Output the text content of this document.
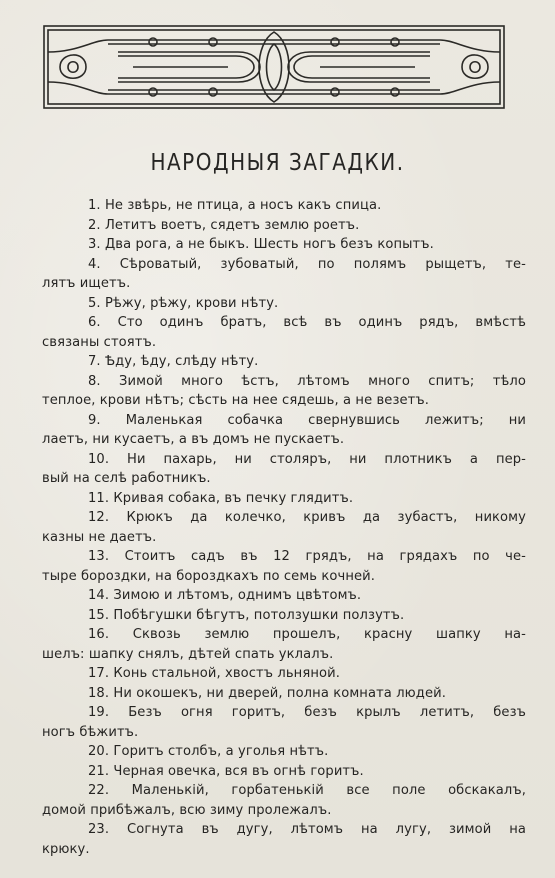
НАРОДНЫЯ ЗАГАДКИ.
1. Не звѣрь, не птица, а носъ какъ спица.
2. Летитъ воетъ, сядетъ землю роетъ.
3. Два рога, а не быкъ. Шесть ногъ безъ копытъ.
4. Сѣроватый, зубоватый, по полямъ рыщетъ, те-
лятъ ищетъ.
5. Рѣжу, рѣжу, крови нѣту.
6. Сто одинъ братъ, всѣ въ одинъ рядъ, вмѣстѣ
связаны стоятъ.
7. Ѣду, ѣду, слѣду нѣту.
8. Зимой много ѣстъ, лѣтомъ много спитъ; тѣло
теплое, крови нѣтъ; сѣсть на нее сядешь, а не везетъ.
9. Маленькая собачка свернувшись лежитъ; ни
лаетъ, ни кусаетъ, а въ домъ не пускаетъ.
10. Ни пахарь, ни столяръ, ни плотникъ а пер-
вый на селѣ работникъ.
11. Кривая собака, въ печку глядитъ.
12. Крюкъ да колечко, кривъ да зубастъ, никому
казны не даетъ.
13. Стоитъ садъ въ 12 грядъ, на грядахъ по че-
тыре бороздки, на бороздкахъ по семь кочней.
14. Зимою и лѣтомъ, однимъ цвѣтомъ.
15. Побѣгушки бѣгутъ, потолзушки ползутъ.
16. Сквозь землю прошелъ, красну шапку на-
шелъ: шапку снялъ, дѣтей спать уклалъ.
17. Конь стальной, хвостъ льняной.
18. Ни окошекъ, ни дверей, полна комната людей.
19. Безъ огня горитъ, безъ крылъ летитъ, безъ
ногъ бѣжитъ.
20. Горитъ столбъ, а уголья нѣтъ.
21. Черная овечка, вся въ огнѣ горитъ.
22. Маленькій, горбатенькій все поле обскакалъ,
домой прибѣжалъ, всю зиму пролежалъ.
23. Согнута въ дугу, лѣтомъ на лугу, зимой на
крюку.
